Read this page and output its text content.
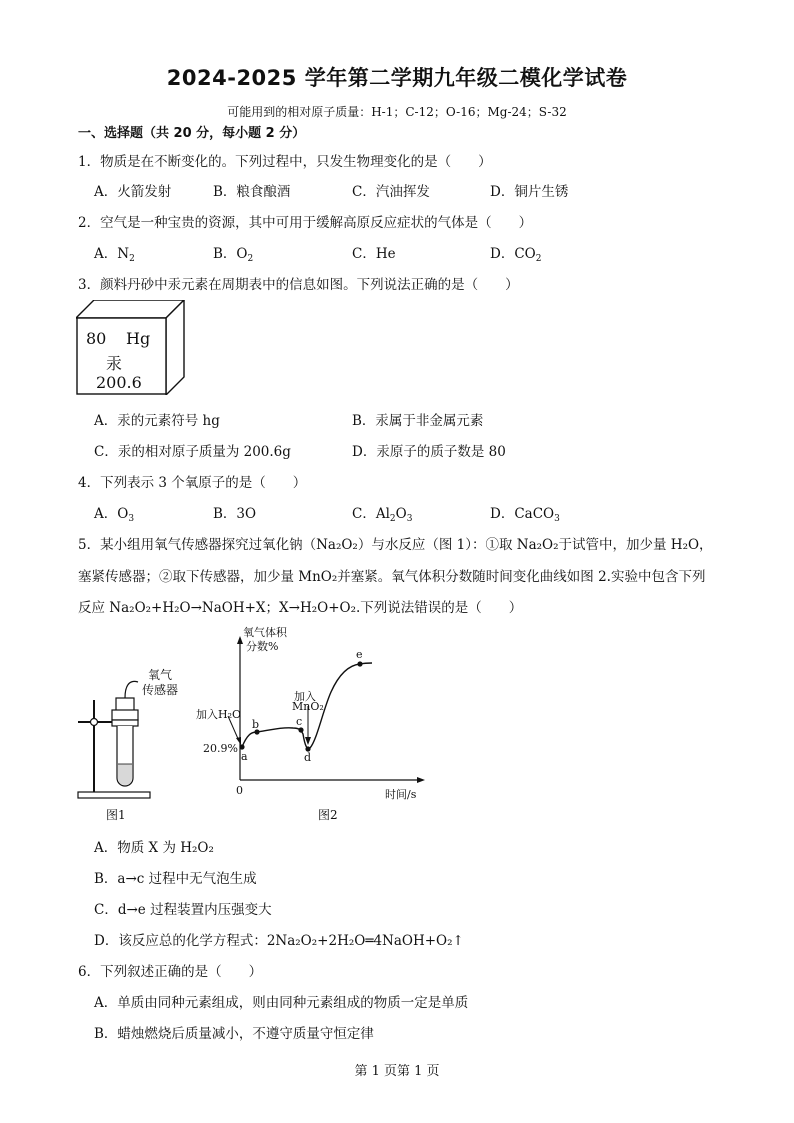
2024-2025 学年第二学期九年级二模化学试卷
可能用到的相对原子质量：H-1；C-12；O-16；Mg-24；S-32
一、选择题（共 20 分，每小题 2 分）
1．物质是在不断变化的。下列过程中，只发生物理变化的是（　　）
A．火箭发射	B．粮食酿酒	C．汽油挥发	D．铜片生锈
2．空气是一种宝贵的资源，其中可用于缓解高原反应症状的气体是（　　）
A．$N_2$	B．$O_2$	C．He	D．$CO_2$
3．颜料丹砂中汞元素在周期表中的信息如图。下列说法正确的是（　　）
80 Hg
汞
200.6
A．汞的元素符号 hg	B．汞属于非金属元素
C．汞的相对原子质量为 200.6g	D．汞原子的质子数是 80
4．下列表示 3 个氧原子的是（　　）
A．$O_3$	B．3O	C．$Al_2O_3$	D．CaCO$_3$
5．某小组用氧气传感器探究过氧化钠（Na₂O₂）与水反应（图 1）：①取 Na₂O₂于试管中，加少量 H₂O，
塞紧传感器；②取下传感器，加少量 MnO₂并塞紧。氧气体积分数随时间变化曲线如图 2.实验中包含下列
反应 Na₂O₂+H₂O→NaOH+X；X→H₂O+O₂.下列说法错误的是（　　）
氧气
传感器
图1
氧气体积
分数%
加入H₂O
加入
MnO₂
20.9%
a
b	c
d
e
0	时间/s
图2
A．物质 X 为 H₂O₂
B．a→c 过程中无气泡生成
C．d→e 过程装置内压强变大
D．该反应总的化学方程式：2Na₂O₂+2H₂O═4NaOH+O₂↑
6．下列叙述正确的是（　　）
A．单质由同种元素组成，则由同种元素组成的物质一定是单质
B．蜡烛燃烧后质量减小，不遵守质量守恒定律
第 1 页第 1 页
